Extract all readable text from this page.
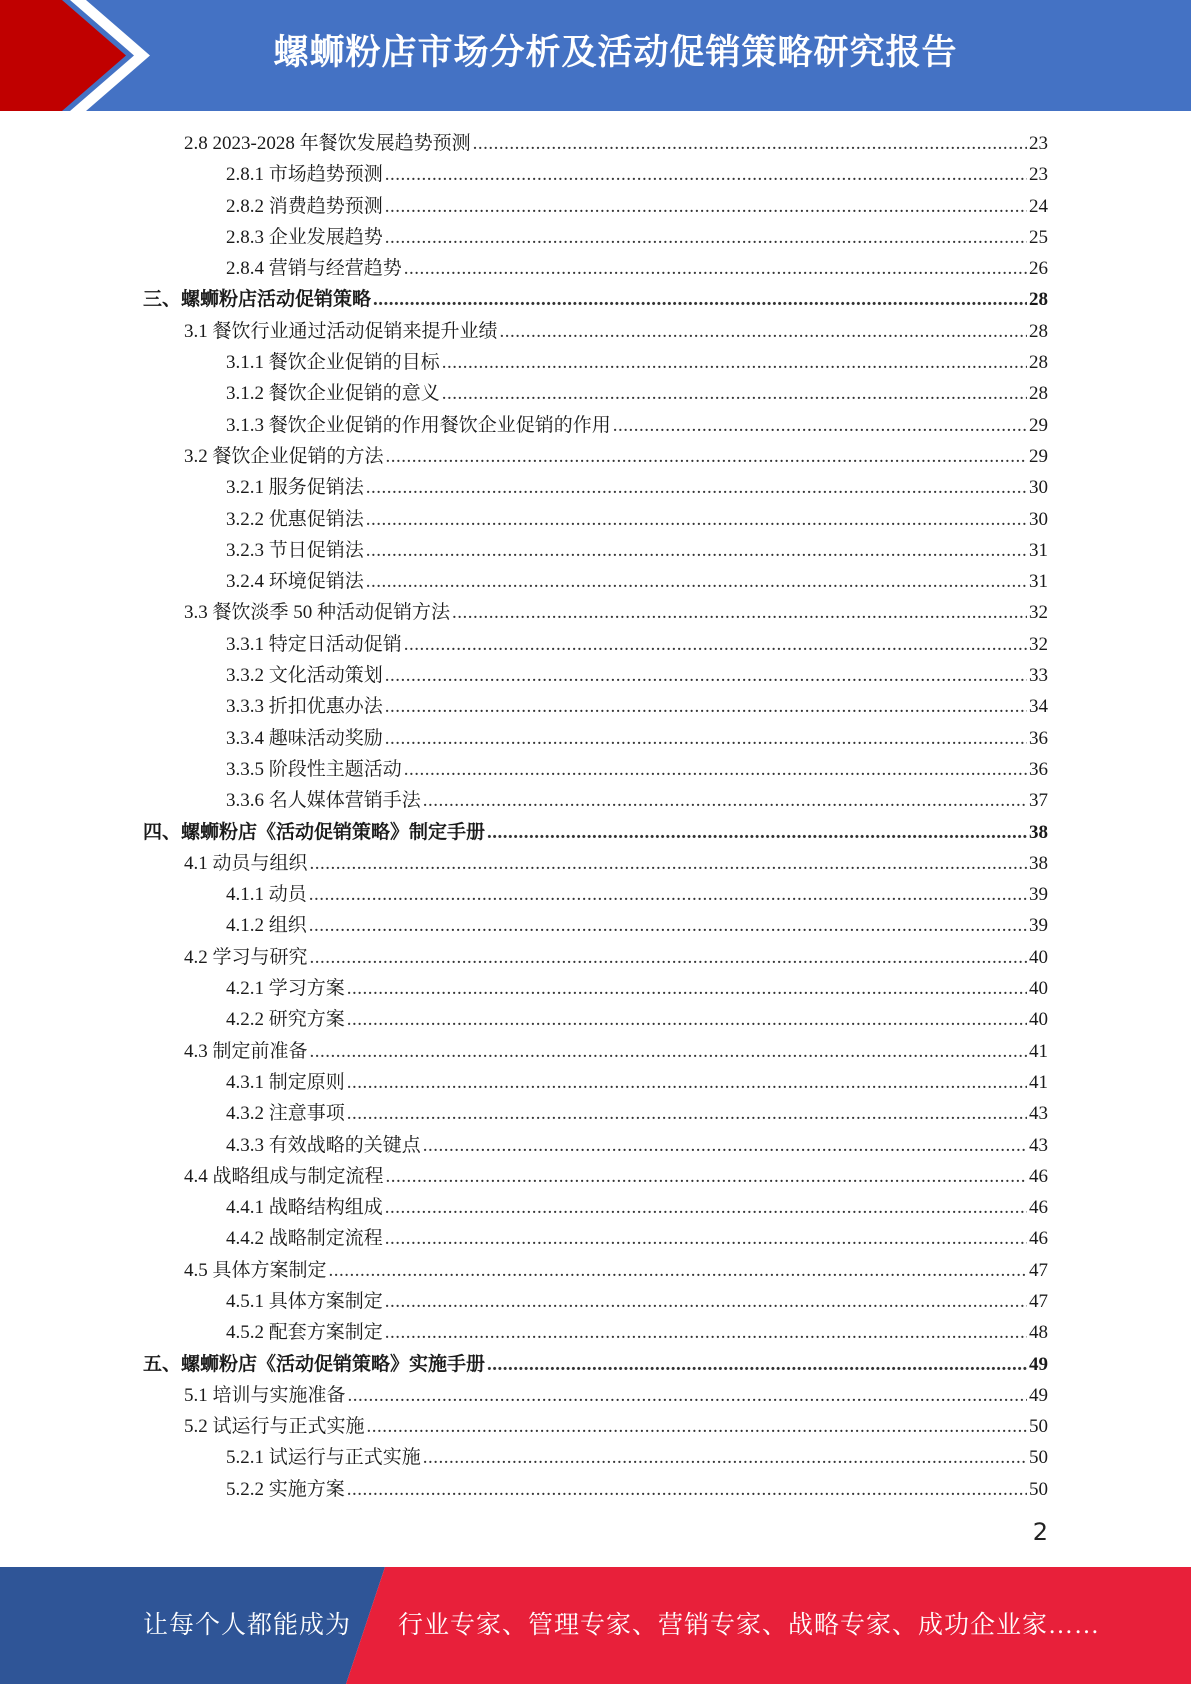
螺蛳粉店市场分析及活动促销策略研究报告
2.8 2023-2028 年餐饮发展趋势预测 .....	23
2.8.1 市场趋势预测 .....	23
2.8.2 消费趋势预测 .....	24
2.8.3 企业发展趋势 .....	25
2.8.4 营销与经营趋势 .....	26
三、螺蛳粉店活动促销策略 .....	28
3.1 餐饮行业通过活动促销来提升业绩 .....	28
3.1.1 餐饮企业促销的目标 .....	28
3.1.2 餐饮企业促销的意义 .....	28
3.1.3 餐饮企业促销的作用餐饮企业促销的作用 .....	29
3.2 餐饮企业促销的方法 .....	29
3.2.1 服务促销法 .....	30
3.2.2 优惠促销法 .....	30
3.2.3 节日促销法 .....	31
3.2.4 环境促销法 .....	31
3.3 餐饮淡季 50 种活动促销方法 .....	32
3.3.1 特定日活动促销 .....	32
3.3.2 文化活动策划 .....	33
3.3.3 折扣优惠办法 .....	34
3.3.4 趣味活动奖励 .....	36
3.3.5 阶段性主题活动 .....	36
3.3.6 名人媒体营销手法 .....	37
四、螺蛳粉店《活动促销策略》制定手册 .....	38
4.1 动员与组织 .....	38
4.1.1 动员 .....	39
4.1.2 组织 .....	39
4.2 学习与研究 .....	40
4.2.1 学习方案 .....	40
4.2.2 研究方案 .....	40
4.3 制定前准备 .....	41
4.3.1 制定原则 .....	41
4.3.2 注意事项 .....	43
4.3.3 有效战略的关键点 .....	43
4.4 战略组成与制定流程 .....	46
4.4.1 战略结构组成 .....	46
4.4.2 战略制定流程 .....	46
4.5 具体方案制定 .....	47
4.5.1 具体方案制定 .....	47
4.5.2 配套方案制定 .....	48
五、螺蛳粉店《活动促销策略》实施手册 .....	49
5.1 培训与实施准备 .....	49
5.2 试运行与正式实施 .....	50
5.2.1 试运行与正式实施 .....	50
5.2.2 实施方案 .....	50
2
让每个人都能成为 行业专家、管理专家、营销专家、战略专家、成功企业家……
